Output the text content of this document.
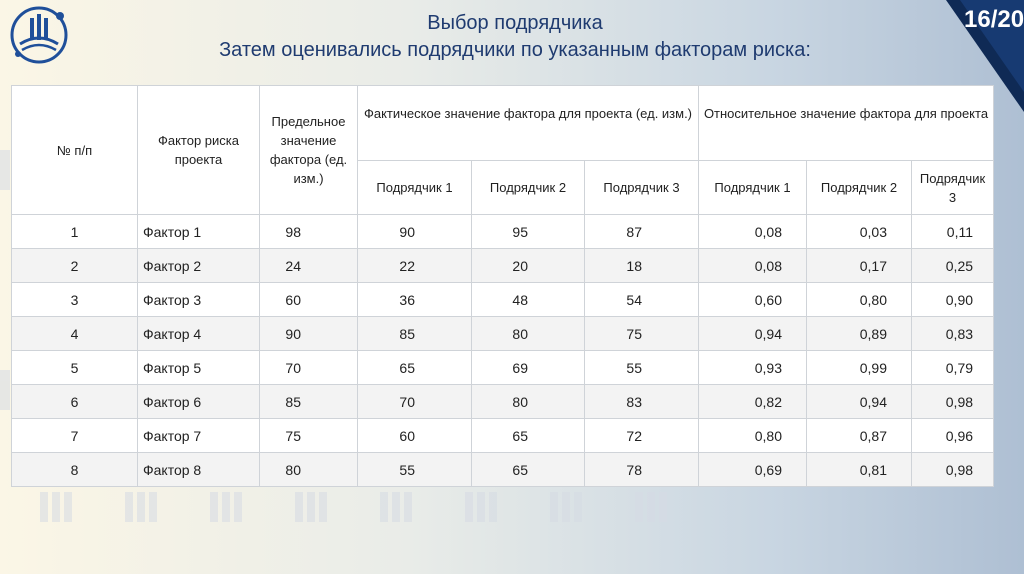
Выбор подрядчика
Затем оценивались подрядчики по указанным факторам риска:
16/20
№ п/п	Фактор риска проекта	Предельное значение фактора (ед. изм.)	Фактическое значение фактора для проекта (ед. изм.)			Относительное значение фактора для проекта		
			Подрядчик 1	Подрядчик 2	Подрядчик 3	Подрядчик 1	Подрядчик 2	Подрядчик 3
1	Фактор 1	98	90	95	87	0,08	0,03	0,11
2	Фактор 2	24	22	20	18	0,08	0,17	0,25
3	Фактор 3	60	36	48	54	0,60	0,80	0,90
4	Фактор 4	90	85	80	75	0,94	0,89	0,83
5	Фактор 5	70	65	69	55	0,93	0,99	0,79
6	Фактор 6	85	70	80	83	0,82	0,94	0,98
7	Фактор 7	75	60	65	72	0,80	0,87	0,96
8	Фактор 8	80	55	65	78	0,69	0,81	0,98
